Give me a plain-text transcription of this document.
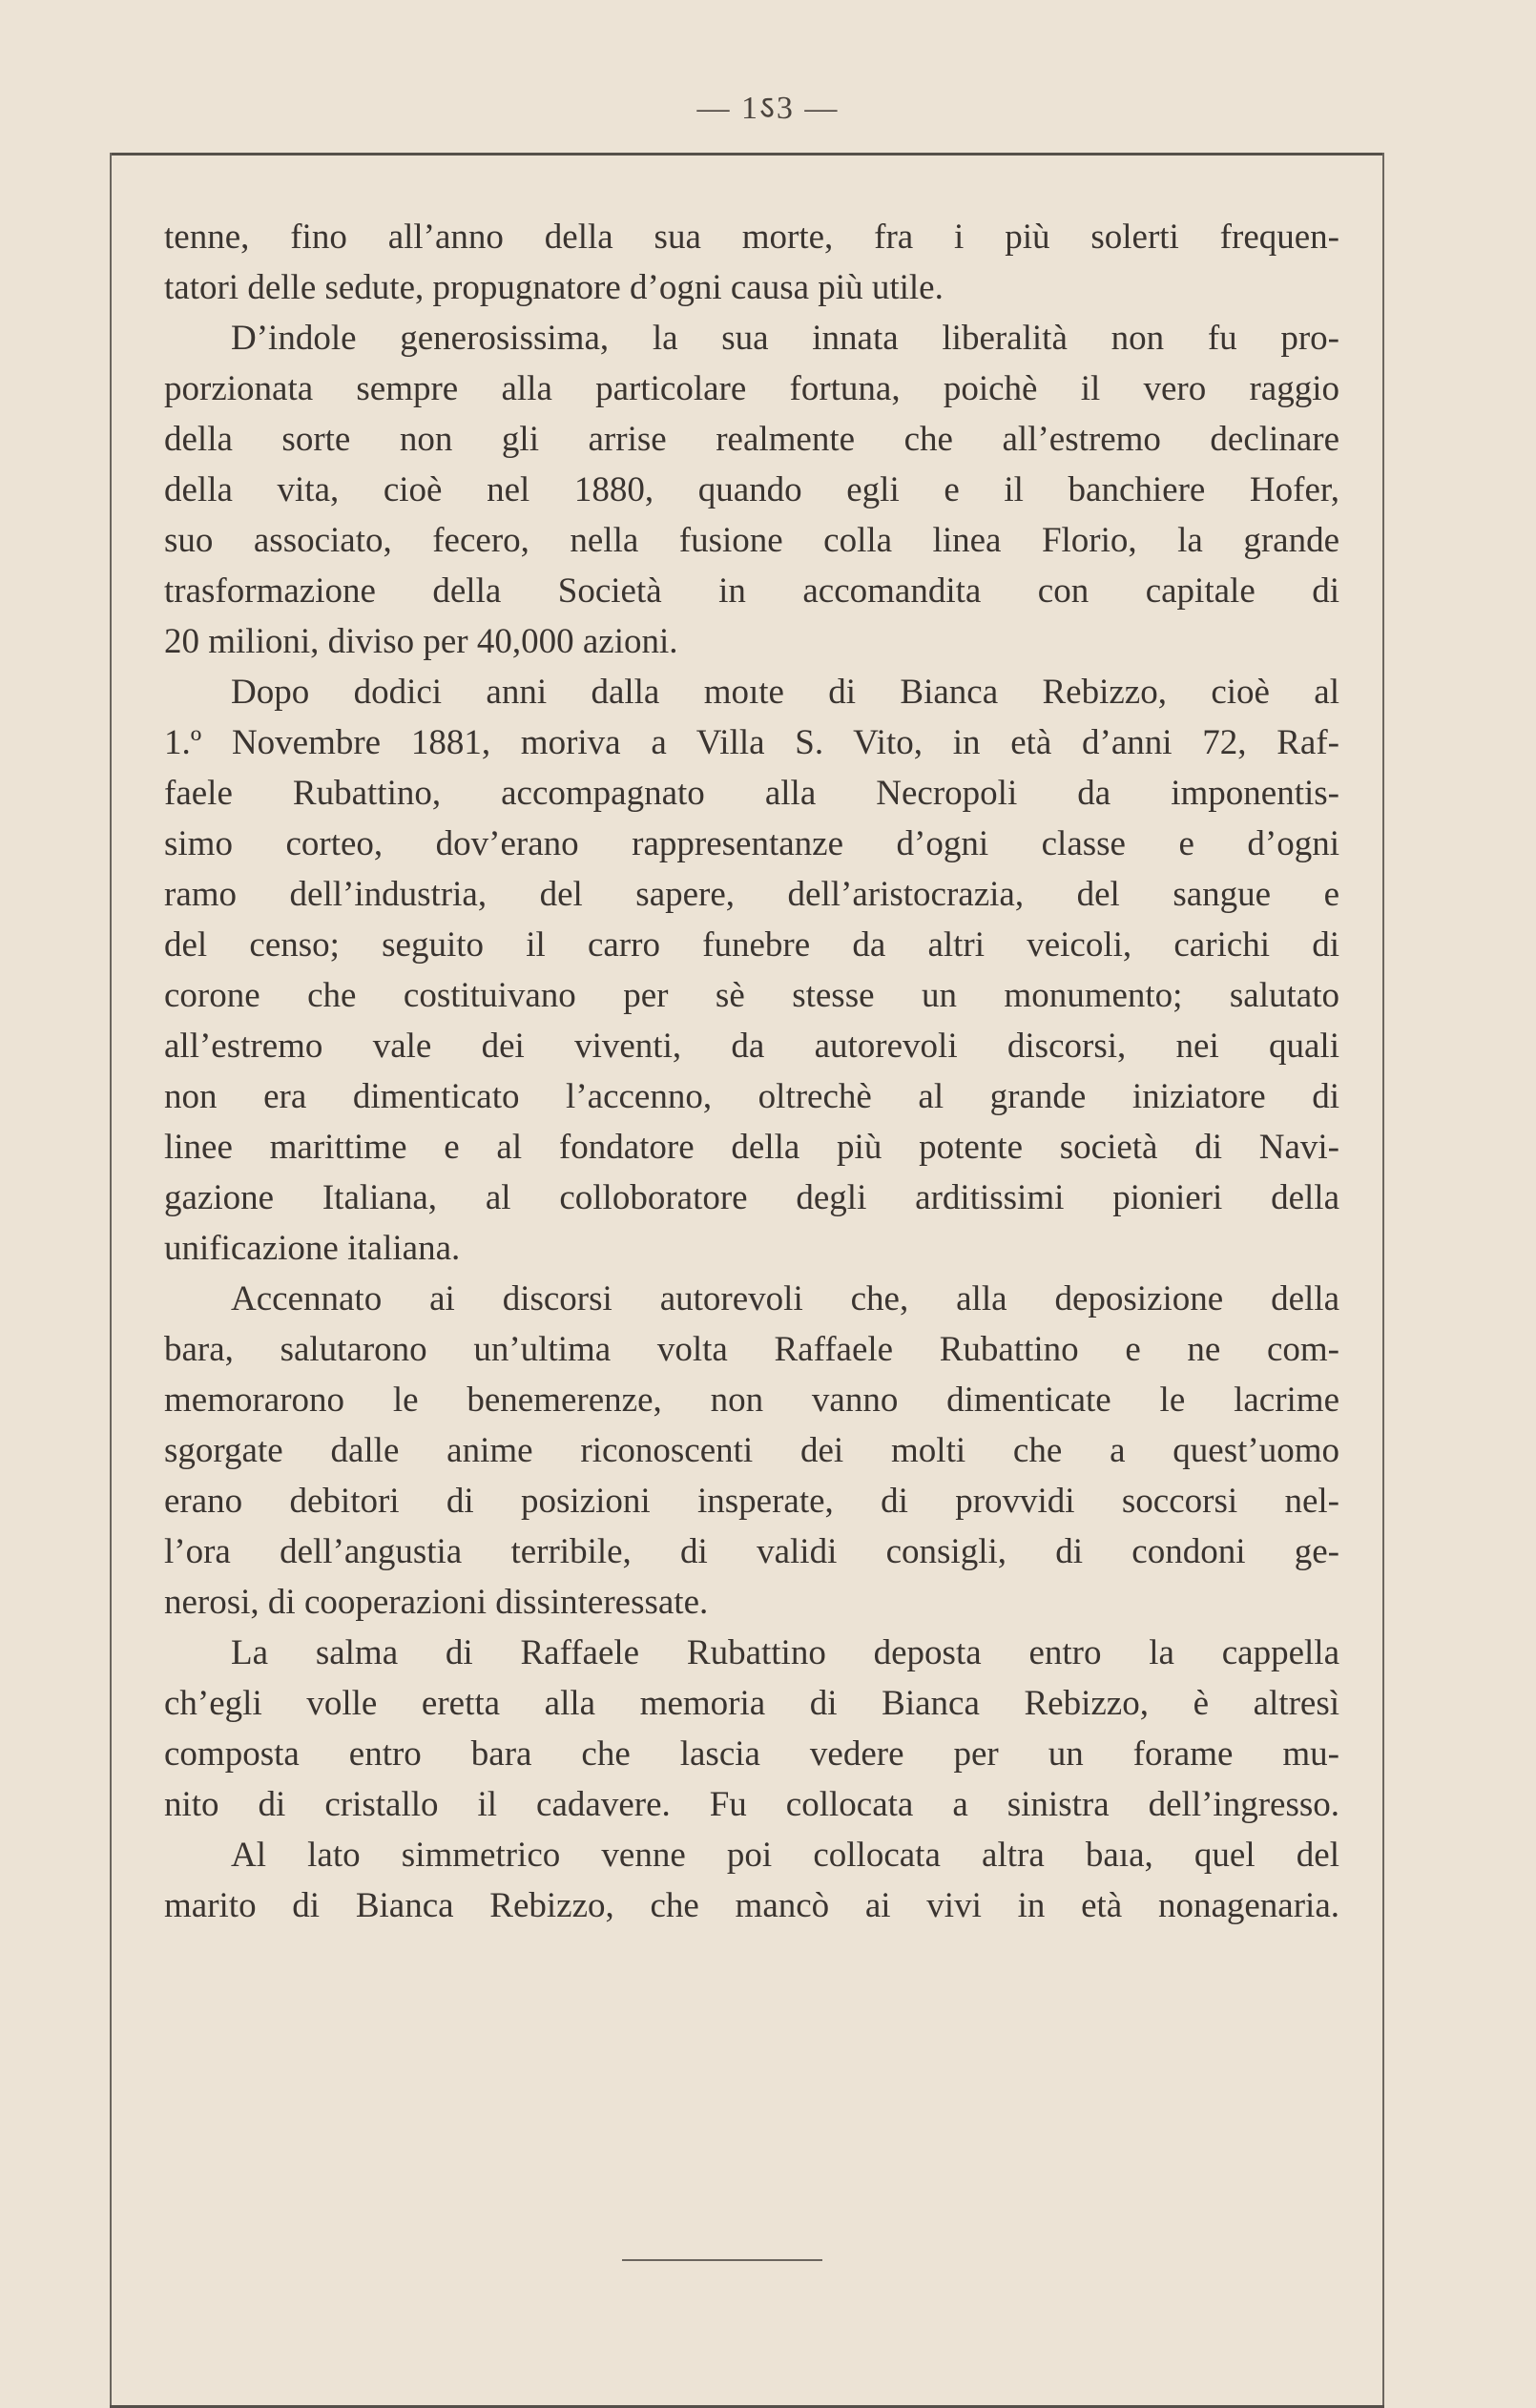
— 1ऽ3 —
tenne, fino all’anno della sua morte, fra i più solerti frequen-
tatori delle sedute, propugnatore d’ogni causa più utile.
D’indole generosissima, la sua innata liberalità non fu pro-
porzionata sempre alla particolare fortuna, poichè il vero raggio
della sorte non gli arrise realmente che all’estremo declinare
della vita, cioè nel 1880, quando egli e il banchiere Hofer,
suo associato, fecero, nella fusione colla linea Florio, la grande
trasformazione della Società in accomandita con capitale di
20 milioni, diviso per 40,000 azioni.
Dopo dodici anni dalla moıte di Bianca Rebizzo, cioè al
1.º Novembre 1881, moriva a Villa S. Vito, in età d’anni 72, Raf-
faele Rubattino, accompagnato alla Necropoli da imponentis-
simo corteo, dov’erano rappresentanze d’ogni classe e d’ogni
ramo dell’industria, del sapere, dell’aristocrazia, del sangue e
del censo; seguito il carro funebre da altri veicoli, carichi di
corone che costituivano per sè stesse un monumento; salutato
all’estremo vale dei viventi, da autorevoli discorsi, nei quali
non era dimenticato l’accenno, oltrechè al grande iniziatore di
linee marittime e al fondatore della più potente società di Navi-
gazione Italiana, al colloboratore degli arditissimi pionieri della
unificazione italiana.
Accennato ai discorsi autorevoli che, alla deposizione della
bara, salutarono un’ultima volta Raffaele Rubattino e ne com-
memorarono le benemerenze, non vanno dimenticate le lacrime
sgorgate dalle anime riconoscenti dei molti che a quest’uomo
erano debitori di posizioni insperate, di provvidi soccorsi nel-
l’ora dell’angustia terribile, di validi consigli, di condoni ge-
nerosi, di cooperazioni dissinteressate.
La salma di Raffaele Rubattino deposta entro la cappella
ch’egli volle eretta alla memoria di Bianca Rebizzo, è altresì
composta entro bara che lascia vedere per un forame mu-
nito di cristallo il cadavere. Fu collocata a sinistra dell’ingresso.
Al lato simmetrico venne poi collocata altra baıa, quel del
marito di Bianca Rebizzo, che mancò ai vivi in età nonagenaria.
